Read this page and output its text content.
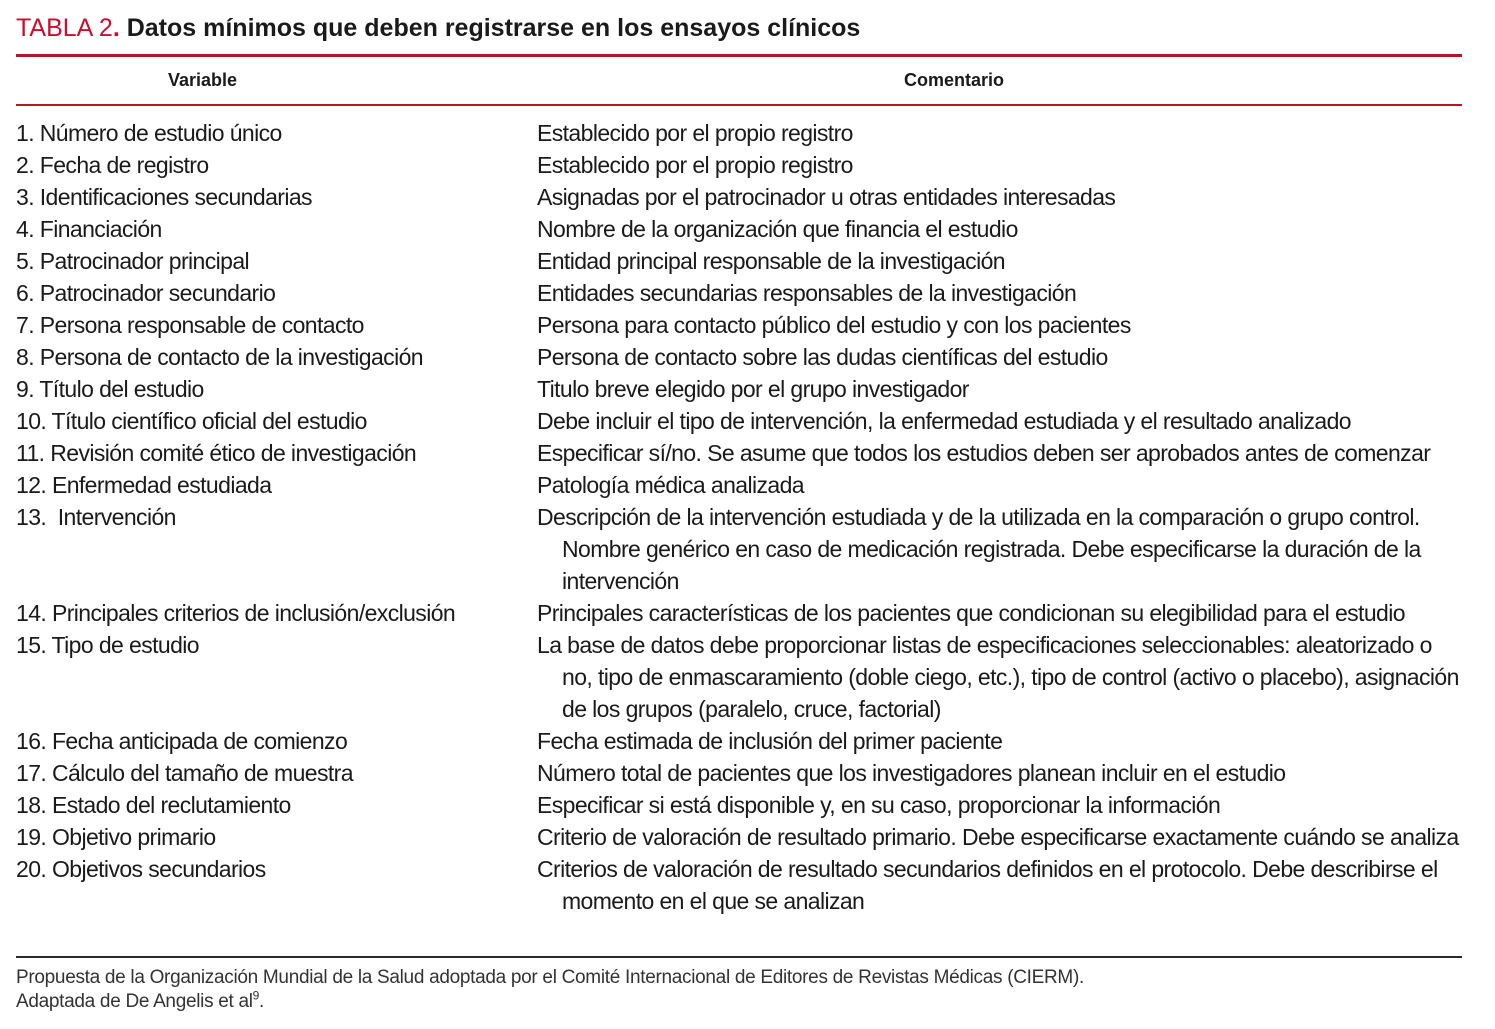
TABLA 2. Datos mínimos que deben registrarse en los ensayos clínicos
Variable	Comentario
1. Número de estudio único	Establecido por el propio registro
2. Fecha de registro	Establecido por el propio registro
3. Identificaciones secundarias	Asignadas por el patrocinador u otras entidades interesadas
4. Financiación	Nombre de la organización que financia el estudio
5. Patrocinador principal	Entidad principal responsable de la investigación
6. Patrocinador secundario	Entidades secundarias responsables de la investigación
7. Persona responsable de contacto	Persona para contacto público del estudio y con los pacientes
8. Persona de contacto de la investigación	Persona de contacto sobre las dudas científicas del estudio
9. Título del estudio	Titulo breve elegido por el grupo investigador
10. Título científico oficial del estudio	Debe incluir el tipo de intervención, la enfermedad estudiada y el resultado analizado
11. Revisión comité ético de investigación	Especificar sí/no. Se asume que todos los estudios deben ser aprobados antes de comenzar
12. Enfermedad estudiada	Patología médica analizada
13.  Intervención	Descripción de la intervención estudiada y de la utilizada en la comparación o grupo control. Nombre genérico en caso de medicación registrada. Debe especificarse la duración de la intervención
14. Principales criterios de inclusión/exclusión	Principales características de los pacientes que condicionan su elegibilidad para el estudio
15. Tipo de estudio	La base de datos debe proporcionar listas de especificaciones seleccionables: aleatorizado o no, tipo de enmascaramiento (doble ciego, etc.), tipo de control (activo o placebo), asignación de los grupos (paralelo, cruce, factorial)
16. Fecha anticipada de comienzo	Fecha estimada de inclusión del primer paciente
17. Cálculo del tamaño de muestra	Número total de pacientes que los investigadores planean incluir en el estudio
18. Estado del reclutamiento	Especificar si está disponible y, en su caso, proporcionar la información
19. Objetivo primario	Criterio de valoración de resultado primario. Debe especificarse exactamente cuándo se analiza
20. Objetivos secundarios	Criterios de valoración de resultado secundarios definidos en el protocolo. Debe describirse el momento en el que se analizan
Propuesta de la Organización Mundial de la Salud adoptada por el Comité Internacional de Editores de Revistas Médicas (CIERM).
Adaptada de De Angelis et $al^9$.
